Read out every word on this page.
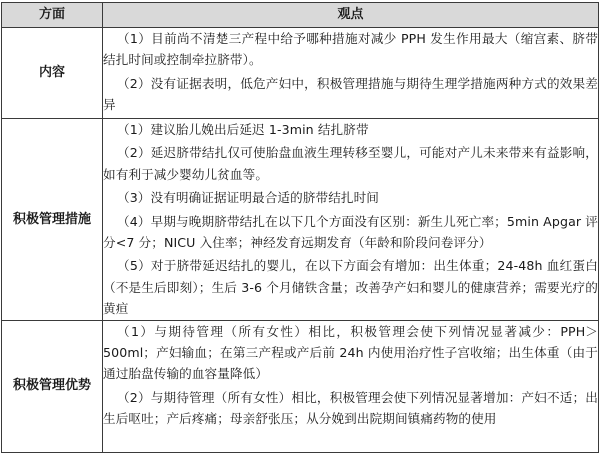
方面	观点
内容	（1）目前尚不清楚三产程中给予哪种措施对减少 PPH 发生作用最大（缩宫素、脐带结扎时间或控制牵拉脐带）。

（2）没有证据表明，低危产妇中，积极管理措施与期待生理学措施两种方式的效果差异

积极管理措施	（1）建议胎儿娩出后延迟 1-3min 结扎脐带

（2）延迟脐带结扎仅可使胎盘血液生理转移至婴儿，可能对产儿未来带来有益影响，如有利于减少婴幼儿贫血等。

（3）没有明确证据证明最合适的脐带结扎时间

（4）早期与晚期脐带结扎在以下几个方面没有区别：新生儿死亡率；5min Apgar 评分<7 分；NICU 入住率；神经发育远期发育（年龄和阶段问卷评分）

（5）对于脐带延迟结扎的婴儿，在以下方面会有增加：出生体重；24-48h 血红蛋白（不是生后即刻）；生后 3-6 个月储铁含量；改善孕产妇和婴儿的健康营养；需要光疗的黄疸

积极管理优势	（1）与期待管理（所有女性）相比，积极管理会使下列情况显著减少：PPH＞500ml；产妇输血；在第三产程或产后前 24h 内使用治疗性子宫收缩；出生体重（由于通过胎盘传输的血容量降低）

（2）与期待管理（所有女性）相比，积极管理会使下列情况显著增加：产妇不适；出生后呕吐；产后疼痛；母亲舒张压；从分娩到出院期间镇痛药物的使用
